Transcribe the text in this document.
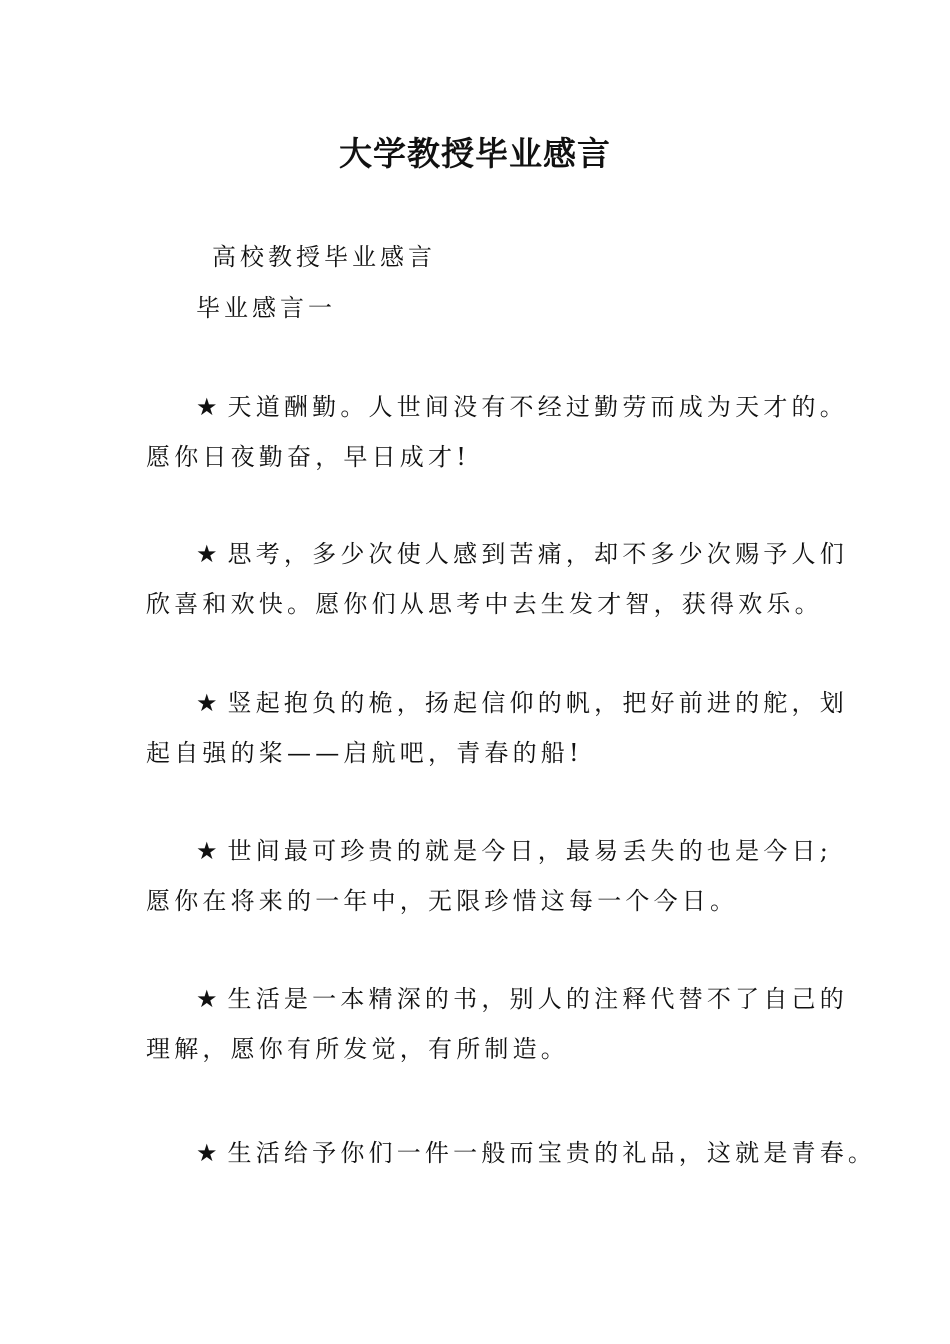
大学教授毕业感言
高校教授毕业感言
毕业感言一
★ 天道酬勤。人世间没有不经过勤劳而成为天才的。
愿你日夜勤奋，早日成才!
★ 思考，多少次使人感到苦痛，却不多少次赐予人们
欣喜和欢快。愿你们从思考中去生发才智，获得欢乐。
★ 竖起抱负的桅，扬起信仰的帆，把好前进的舵，划
起自强的桨——启航吧，青春的船!
★ 世间最可珍贵的就是今日，最易丢失的也是今日;
愿你在将来的一年中，无限珍惜这每一个今日。
★ 生活是一本精深的书，别人的注释代替不了自己的
理解，愿你有所发觉，有所制造。
★ 生活给予你们一件一般而宝贵的礼品，这就是青春。
